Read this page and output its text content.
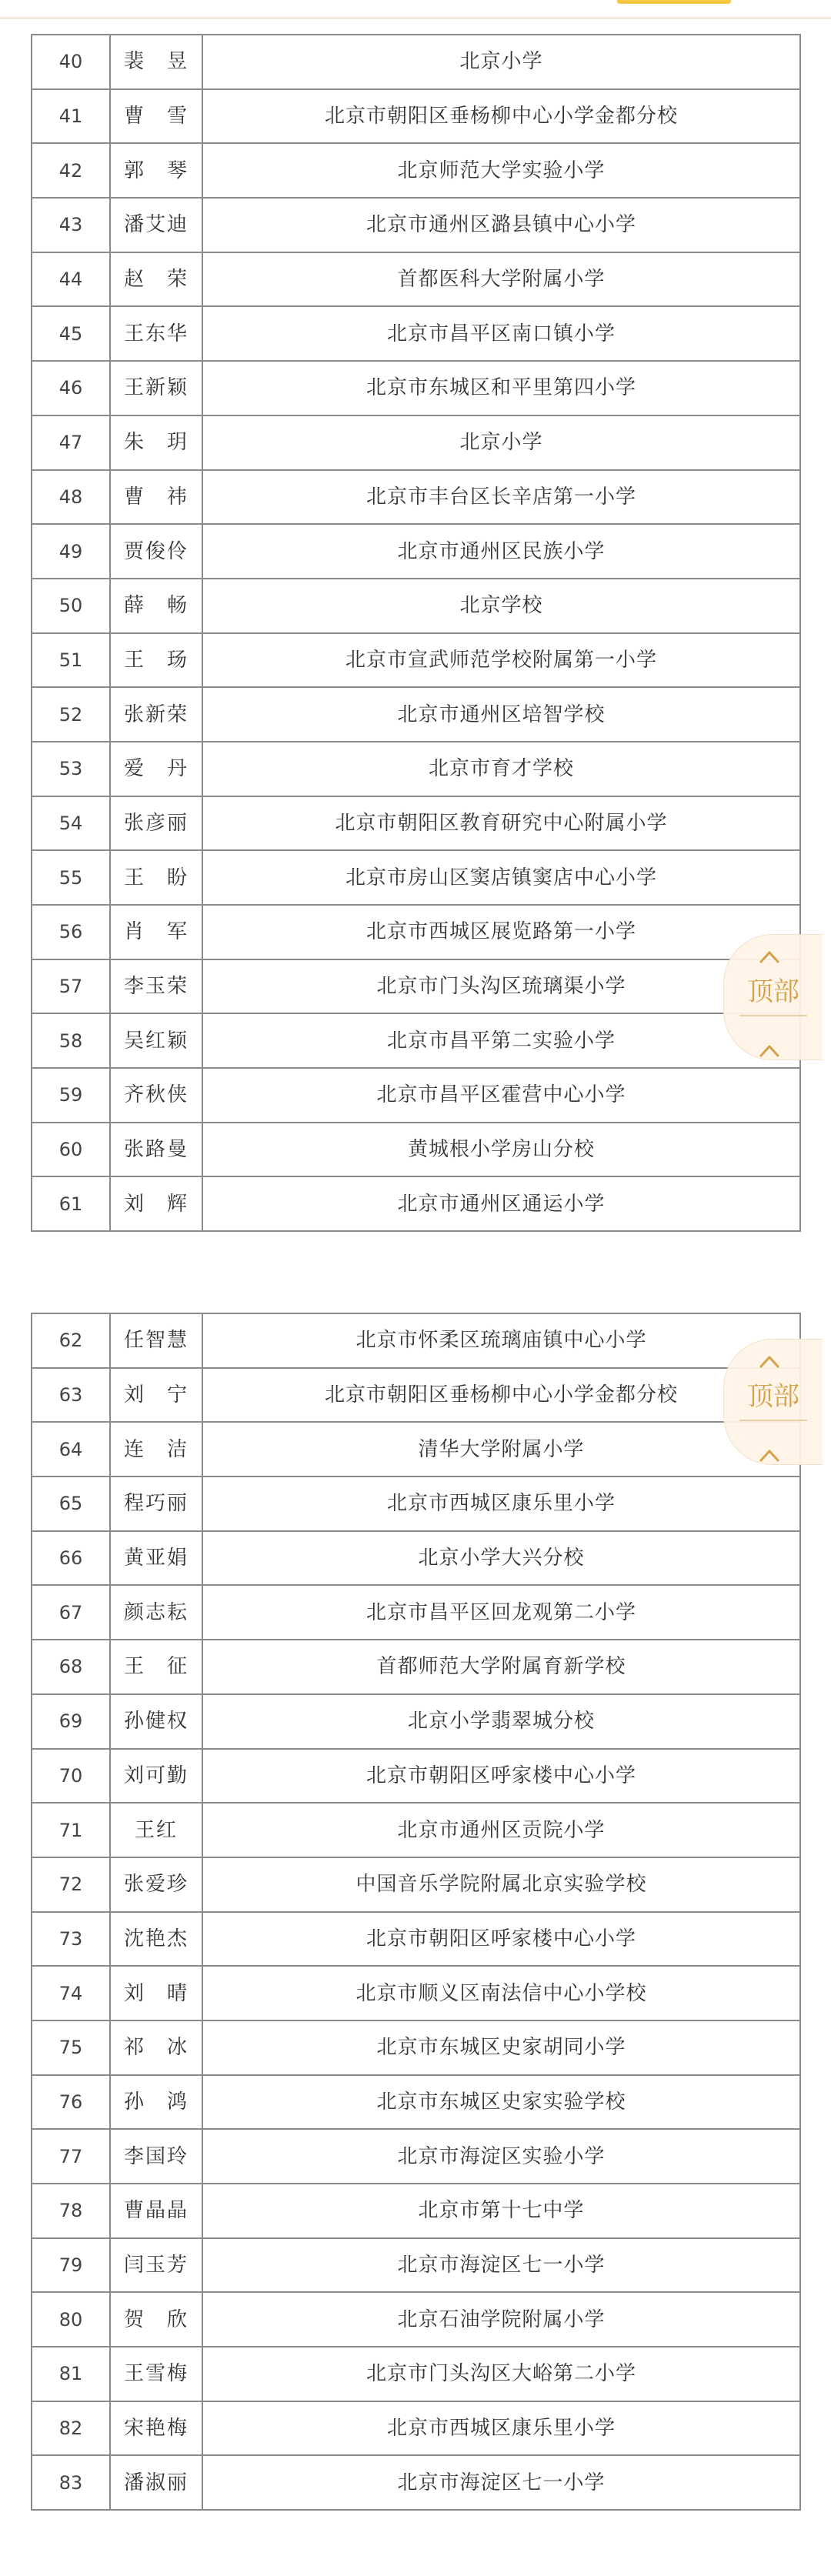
40	裴　昱	北京小学
41	曹　雪	北京市朝阳区垂杨柳中心小学金都分校
42	郭　琴	北京师范大学实验小学
43	潘艾迪	北京市通州区潞县镇中心小学
44	赵　荣	首都医科大学附属小学
45	王东华	北京市昌平区南口镇小学
46	王新颖	北京市东城区和平里第四小学
47	朱　玥	北京小学
48	曹　祎	北京市丰台区长辛店第一小学
49	贾俊伶	北京市通州区民族小学
50	薛　畅	北京学校
51	王　玚	北京市宣武师范学校附属第一小学
52	张新荣	北京市通州区培智学校
53	爱　丹	北京市育才学校
54	张彦丽	北京市朝阳区教育研究中心附属小学
55	王　盼	北京市房山区窦店镇窦店中心小学
56	肖　军	北京市西城区展览路第一小学
57	李玉荣	北京市门头沟区琉璃渠小学
58	吴红颖	北京市昌平第二实验小学
59	齐秋侠	北京市昌平区霍营中心小学
60	张路曼	黄城根小学房山分校
61	刘　辉	北京市通州区通运小学
62	任智慧	北京市怀柔区琉璃庙镇中心小学
63	刘　宁	北京市朝阳区垂杨柳中心小学金都分校
64	连　洁	清华大学附属小学
65	程巧丽	北京市西城区康乐里小学
66	黄亚娟	北京小学大兴分校
67	颜志耘	北京市昌平区回龙观第二小学
68	王　征	首都师范大学附属育新学校
69	孙健权	北京小学翡翠城分校
70	刘可勤	北京市朝阳区呼家楼中心小学
71	王红	北京市通州区贡院小学
72	张爱珍	中国音乐学院附属北京实验学校
73	沈艳杰	北京市朝阳区呼家楼中心小学
74	刘　晴	北京市顺义区南法信中心小学校
75	祁　冰	北京市东城区史家胡同小学
76	孙　鸿	北京市东城区史家实验学校
77	李国玲	北京市海淀区实验小学
78	曹晶晶	北京市第十七中学
79	闫玉芳	北京市海淀区七一小学
80	贺　欣	北京石油学院附属小学
81	王雪梅	北京市门头沟区大峪第二小学
82	宋艳梅	北京市西城区康乐里小学
83	潘淑丽	北京市海淀区七一小学
顶部
顶部
